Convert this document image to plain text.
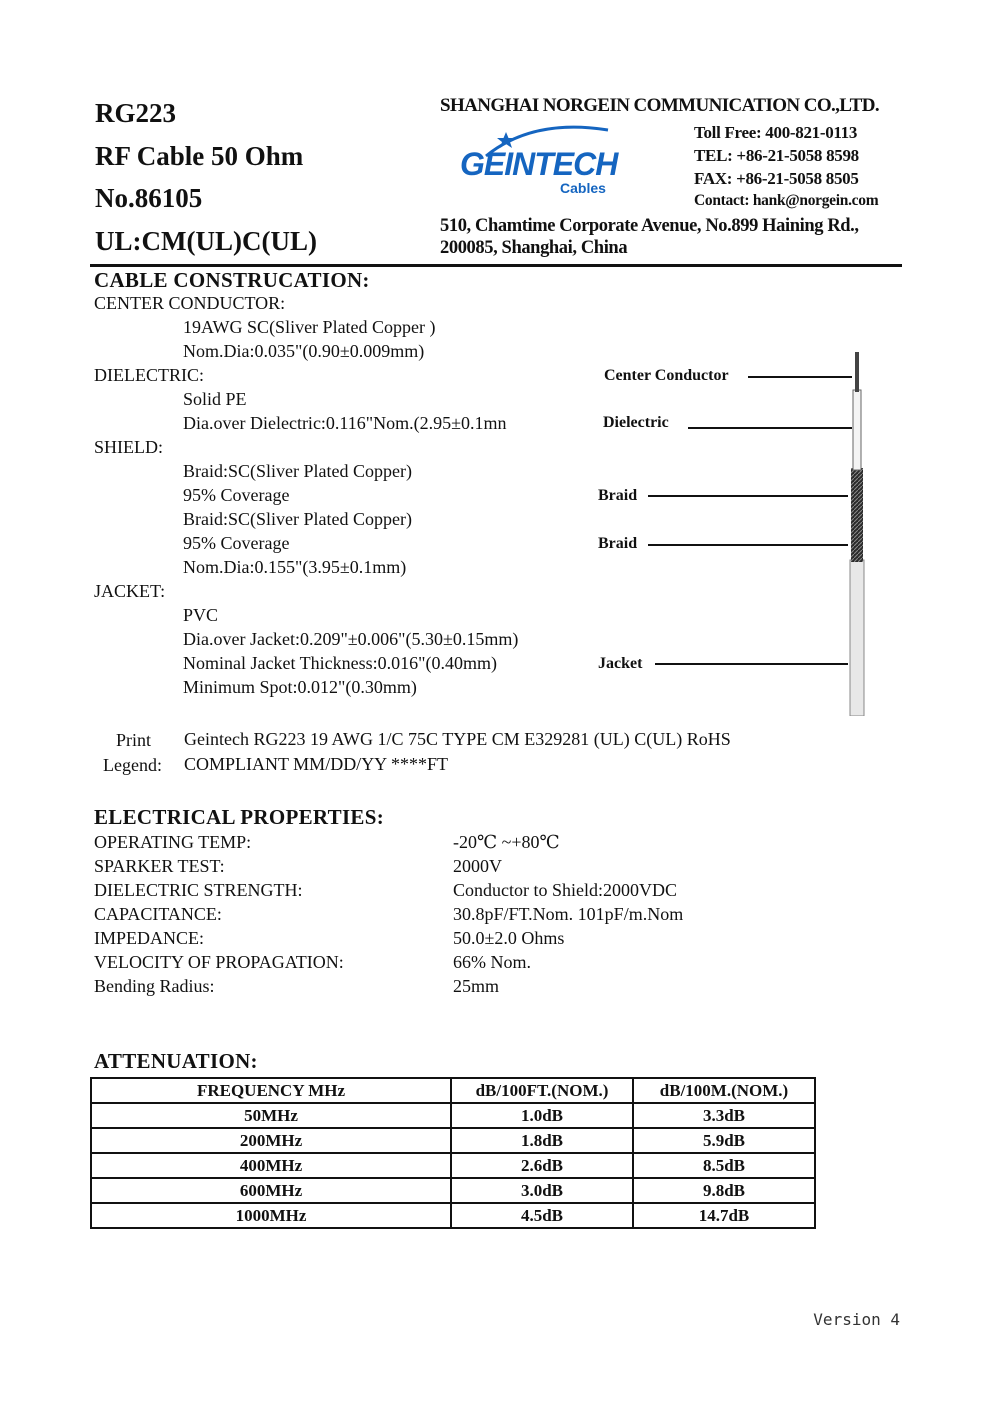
RG223
RF Cable 50 Ohm
No.86105
UL:CM(UL)C(UL)
SHANGHAI NORGEIN COMMUNICATION CO.,LTD.
GEINTECH
Cables
Toll Free: 400-821-0113
TEL: +86-21-5058 8598
FAX: +86-21-5058 8505
Contact: hank@norgein.com
510, Chamtime Corporate Avenue, No.899 Haining Rd.,
200085, Shanghai, China
CABLE CONSTRUCATION:
CENTER CONDUCTOR:
19AWG SC(Sliver Plated Copper )
Nom.Dia:0.035"(0.90±0.009mm)
DIELECTRIC:
Solid PE
Dia.over Dielectric:0.116"Nom.(2.95±0.1mn
SHIELD:
Braid:SC(Sliver Plated Copper)
95% Coverage
Braid:SC(Sliver Plated Copper)
95% Coverage
Nom.Dia:0.155"(3.95±0.1mm)
JACKET:
PVC
Dia.over Jacket:0.209"±0.006"(5.30±0.15mm)
Nominal Jacket Thickness:0.016"(0.40mm)
Minimum Spot:0.012"(0.30mm)
Center Conductor
Dielectric
Braid
Braid
Jacket
Print
Legend:
Geintech RG223 19 AWG 1/C 75C TYPE CM E329281 (UL) C(UL) RoHS
COMPLIANT MM/DD/YY ****FT
ELECTRICAL PROPERTIES:
OPERATING TEMP:	-20℃ ~+80℃
SPARKER TEST:	2000V
DIELECTRIC STRENGTH:	Conductor to Shield:2000VDC
CAPACITANCE:	30.8pF/FT.Nom. 101pF/m.Nom
IMPEDANCE:	50.0±2.0 Ohms
VELOCITY OF PROPAGATION:	66% Nom.
Bending Radius:	25mm
ATTENUATION:
FREQUENCY MHz	dB/100FT.(NOM.)	dB/100M.(NOM.)
50MHz	1.0dB	3.3dB
200MHz	1.8dB	5.9dB
400MHz	2.6dB	8.5dB
600MHz	3.0dB	9.8dB
1000MHz	4.5dB	14.7dB
Version 4
